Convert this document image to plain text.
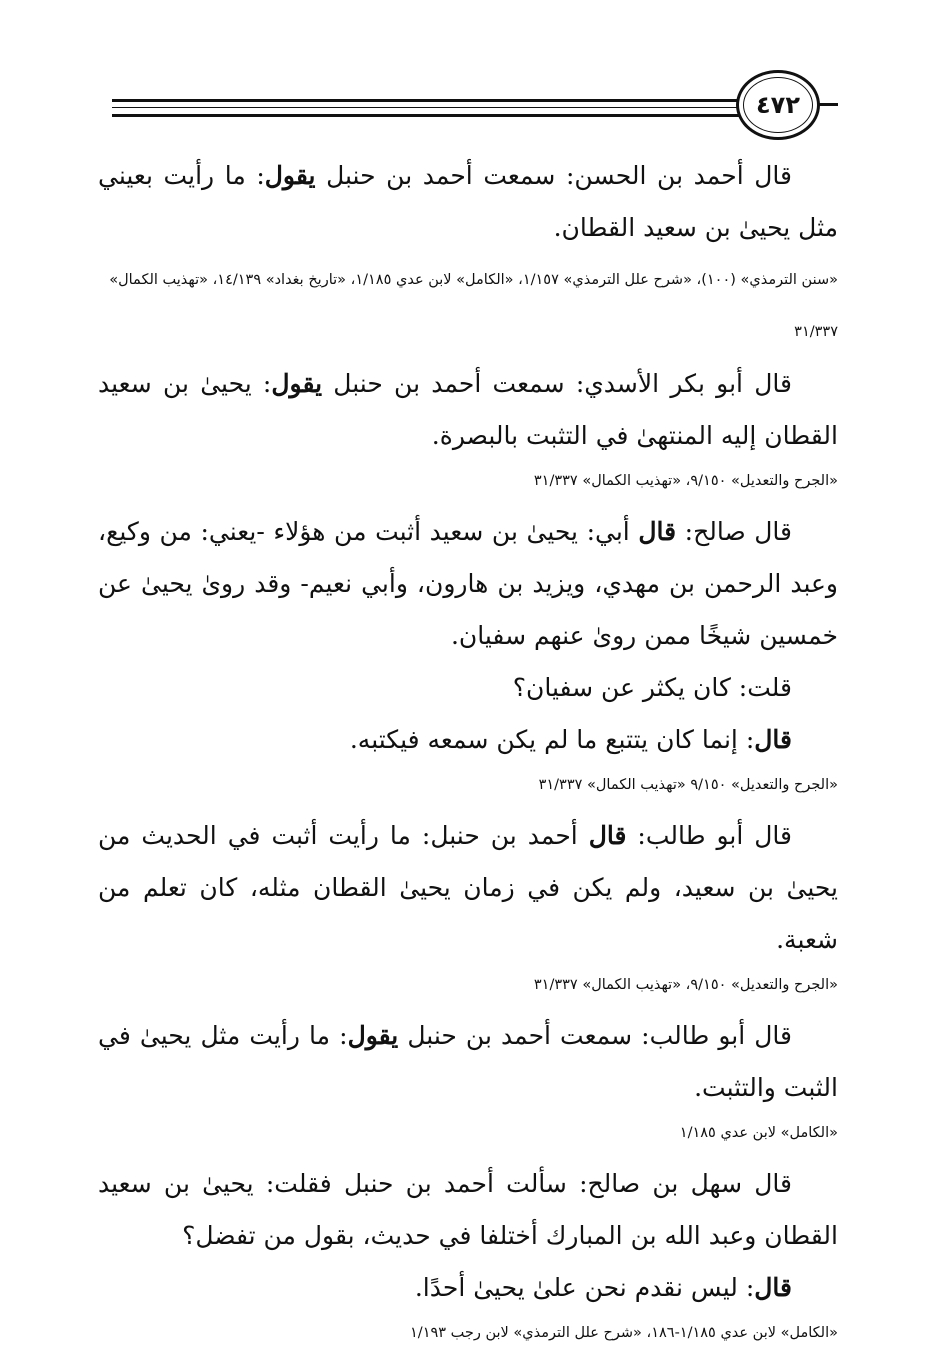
٤٧٢

قال أحمد بن الحسن: سمعت أحمد بن حنبل يقول: ما رأيت بعيني مثل يحيىٰ بن سعيد القطان.

«سنن الترمذي» (١٠٠)، «شرح علل الترمذي» ١/١٥٧، «الكامل» لابن عدي ١/١٨٥، «تاريخ بغداد» ١٤/١٣٩، «تهذيب الكمال» ٣١/٣٣٧

قال أبو بكر الأسدي: سمعت أحمد بن حنبل يقول: يحيىٰ بن سعيد القطان إليه المنتهىٰ في التثبت بالبصرة.

«الجرح والتعديل» ٩/١٥٠، «تهذيب الكمال» ٣١/٣٣٧

قال صالح: قال أبي: يحيىٰ بن سعيد أثبت من هؤلاء -يعني: من وكيع، وعبد الرحمن بن مهدي، ويزيد بن هارون، وأبي نعيم- وقد روىٰ يحيىٰ عن خمسين شيخًا ممن روىٰ عنهم سفيان.

قلت: كان يكثر عن سفيان؟

قال: إنما كان يتتبع ما لم يكن سمعه فيكتبه.

«الجرح والتعديل» ٩/١٥٠ «تهذيب الكمال» ٣١/٣٣٧

قال أبو طالب: قال أحمد بن حنبل: ما رأيت أثبت في الحديث من يحيىٰ بن سعيد، ولم يكن في زمان يحيىٰ القطان مثله، كان تعلم من شعبة.

«الجرح والتعديل» ٩/١٥٠، «تهذيب الكمال» ٣١/٣٣٧

قال أبو طالب: سمعت أحمد بن حنبل يقول: ما رأيت مثل يحيىٰ في الثبت والتثبت.

«الكامل» لابن عدي ١/١٨٥

قال سهل بن صالح: سألت أحمد بن حنبل فقلت: يحيىٰ بن سعيد القطان وعبد الله بن المبارك أختلفا في حديث، بقول من تفضل؟

قال: ليس نقدم نحن علىٰ يحيىٰ أحدًا.

«الكامل» لابن عدي ١/١٨٥-١٨٦، «شرح علل الترمذي» لابن رجب ١/١٩٣
